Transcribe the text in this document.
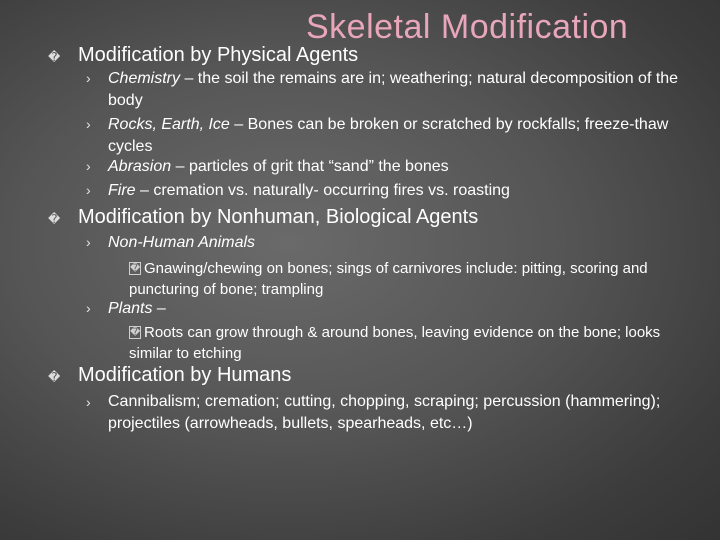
Skeletal Modification
� Modification by Physical Agents
› Chemistry – the soil the remains are in; weathering; natural decomposition of the body
› Rocks, Earth, Ice – Bones can be broken or scratched by rockfalls; freeze-thaw cycles
› Abrasion – particles of grit that “sand” the bones
› Fire – cremation vs. naturally- occurring fires vs. roasting
� Modification by Nonhuman, Biological Agents
› Non-Human Animals
� Gnawing/chewing on bones; sings of carnivores include: pitting, scoring and puncturing of bone; trampling
› Plants –
� Roots can grow through & around bones, leaving evidence on the bone; looks similar to etching
� Modification by Humans
› Cannibalism; cremation; cutting, chopping, scraping; percussion (hammering); projectiles (arrowheads, bullets, spearheads, etc…)
